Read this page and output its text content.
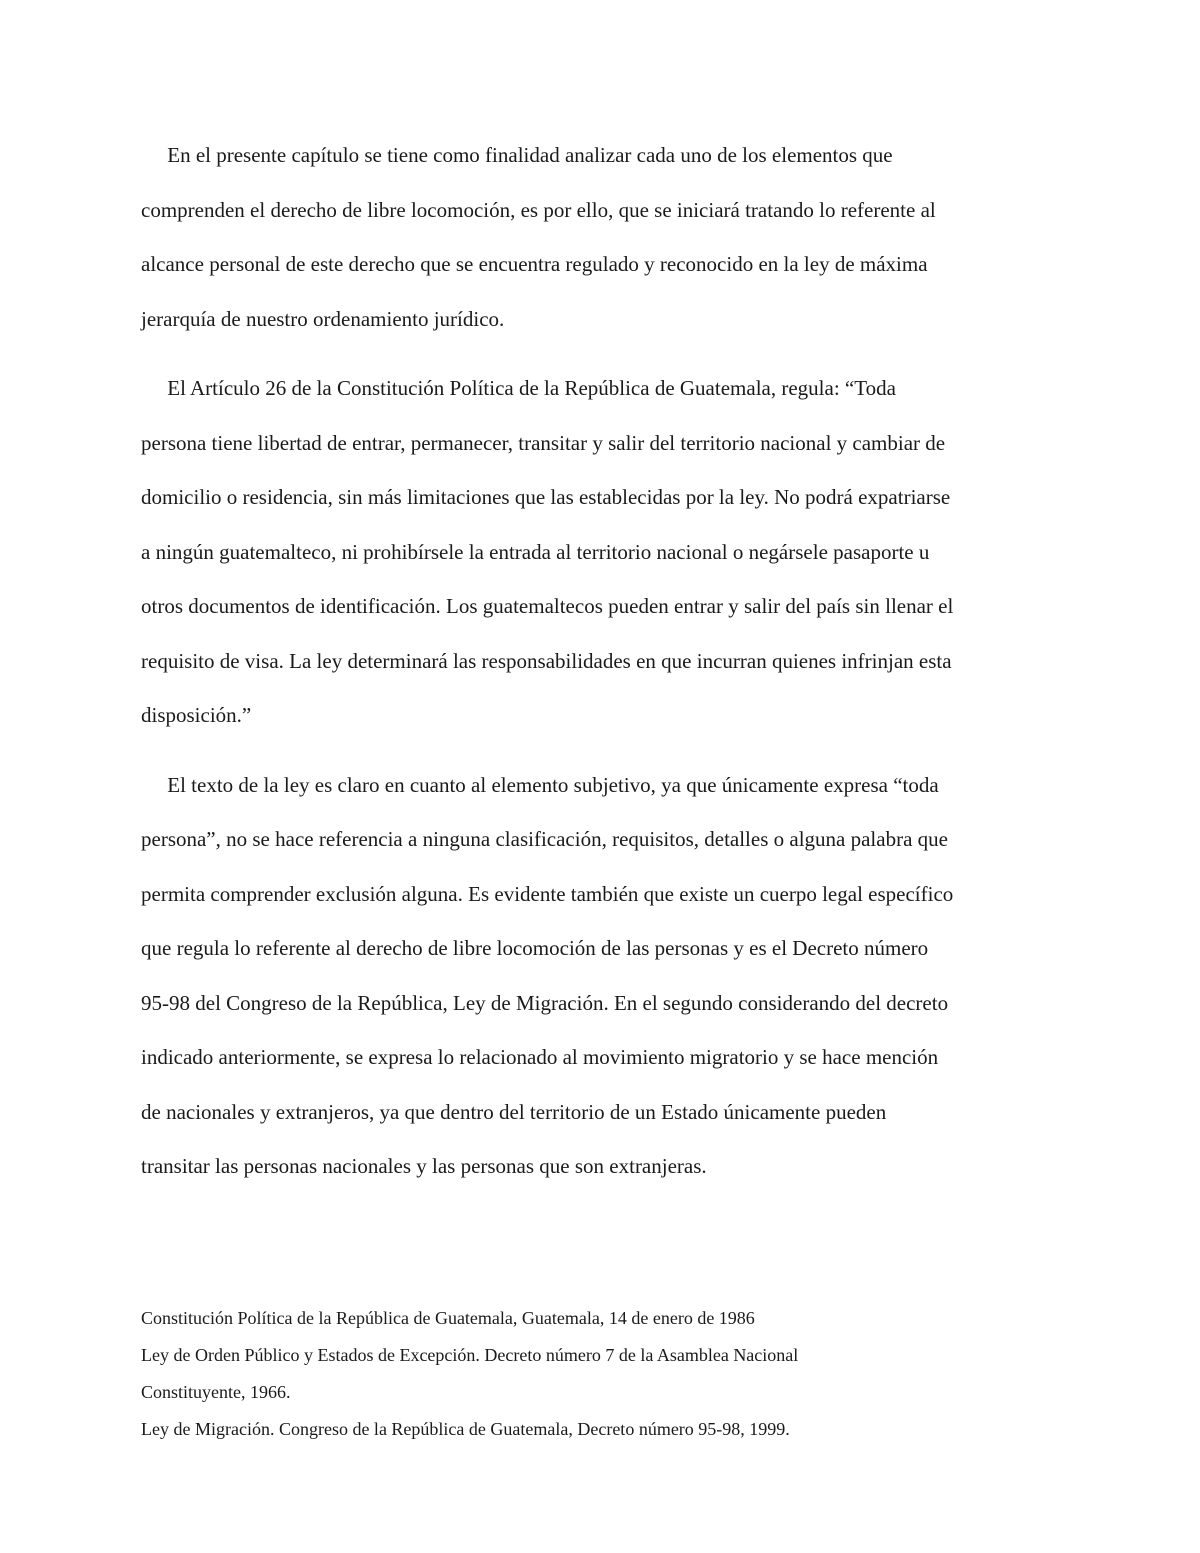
En el presente capítulo se tiene como finalidad analizar cada uno de los elementos que
comprenden el derecho de libre locomoción, es por ello, que se iniciará tratando lo referente al
alcance personal de este derecho que se encuentra regulado y reconocido en la ley de máxima
jerarquía de nuestro ordenamiento jurídico.

El Artículo 26 de la Constitución Política de la República de Guatemala, regula: “Toda
persona tiene libertad de entrar, permanecer, transitar y salir del territorio nacional y cambiar de
domicilio o residencia, sin más limitaciones que las establecidas por la ley. No podrá expatriarse
a ningún guatemalteco, ni prohibírsele la entrada al territorio nacional o negársele pasaporte u
otros documentos de identificación. Los guatemaltecos pueden entrar y salir del país sin llenar el
requisito de visa. La ley determinará las responsabilidades en que incurran quienes infrinjan esta
disposición.”

El texto de la ley es claro en cuanto al elemento subjetivo, ya que únicamente expresa “toda
persona”, no se hace referencia a ninguna clasificación, requisitos, detalles o alguna palabra que
permita comprender exclusión alguna. Es evidente también que existe un cuerpo legal específico
que regula lo referente al derecho de libre locomoción de las personas y es el Decreto número
95-98 del Congreso de la República, Ley de Migración. En el segundo considerando del decreto
indicado anteriormente, se expresa lo relacionado al movimiento migratorio y se hace mención
de nacionales y extranjeros, ya que dentro del territorio de un Estado únicamente pueden
transitar las personas nacionales y las personas que son extranjeras.

Constitución Política de la República de Guatemala, Guatemala, 14 de enero de 1986
Ley de Orden Público y Estados de Excepción. Decreto número 7 de la Asamblea Nacional
Constituyente, 1966.
Ley de Migración. Congreso de la República de Guatemala, Decreto número 95-98, 1999.
